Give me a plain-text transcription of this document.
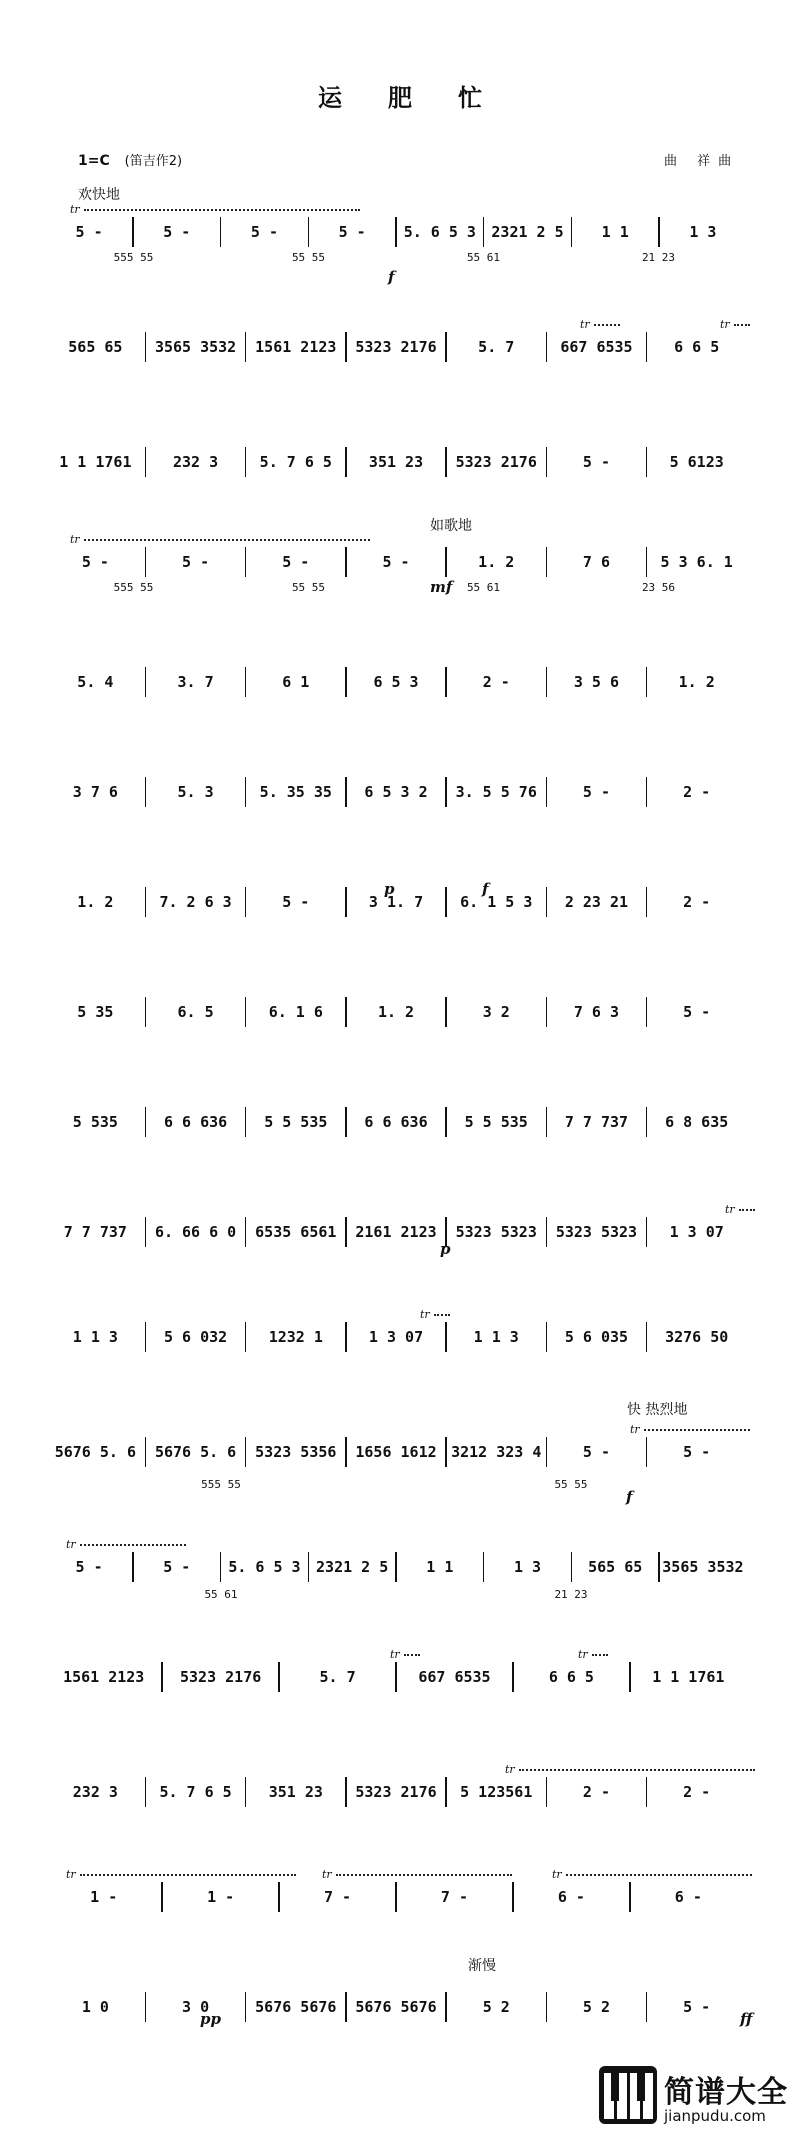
运肥忙
1=C (笛吉作2)	曲 祥曲
欢快地
如歌地
快 热烈地
渐慢
5 -	5 -	5 -	5 -	5. 6 5 3	2321 2 5	1 1	1 3
565 65	3565 3532	1561 2123	5323 2176	5. 7	667 6535	6 6 5
1 1 1761	232 3	5. 7 6 5	351 23	5323 2176	5 -	5 6123
5 -	5 -	5 -	5 -	1. 2	7 6	5 3 6. 1
5. 4	3. 7	6 1	6 5 3	2 -	3 5 6	1. 2
3 7 6	5. 3	5. 35 35	6 5 3 2	3. 5 5 76	5 -	2 -
1. 2	7. 2 6 3	5 -	3 1. 7	6. 1 5 3	2 23 21	2 -
5 35	6. 5	6. 1 6	1. 2	3 2	7 6 3	5 -
5 535	6 6 636	5 5 535	6 6 636	5 5 535	7 7 737	6 8 635
7 7 737	6. 66 6 0	6535 6561	2161 2123	5323 5323	5323 5323	1 3 07
1 1 3	5 6 032	1232 1	1 3 07	1 1 3	5 6 035	3276 50
5676 5. 6	5676 5. 6	5323 5356	1656 1612 3212 323 4	5 -	5 -
5 -	5 -	5. 6 5 3	2321 2 5	1 1	1 3	565 65	3565 3532
1561 2123	5323 2176	5. 7	667 6535	6 6 5	1 1 1761
232 3	5. 7 6 5	351 23	5323 2176	5 123561	2 -	2 -
1 -	1 -	7 -	7 -	6 -	6 -
1 0	3 0	5676 5676	5676 5676	5 2	5 2	5 -
555 55	55 55	55 61	21 23
555 55	55 55	55 61	23 56
555 55	55 55
55 61	21 23
tr
tr	tr
tr
tr
tr
tr
tr
tr	tr
tr
tr	tr	tr
f
mf
p	f
p
f
pp	ff
简谱大全
jianpudu.com
